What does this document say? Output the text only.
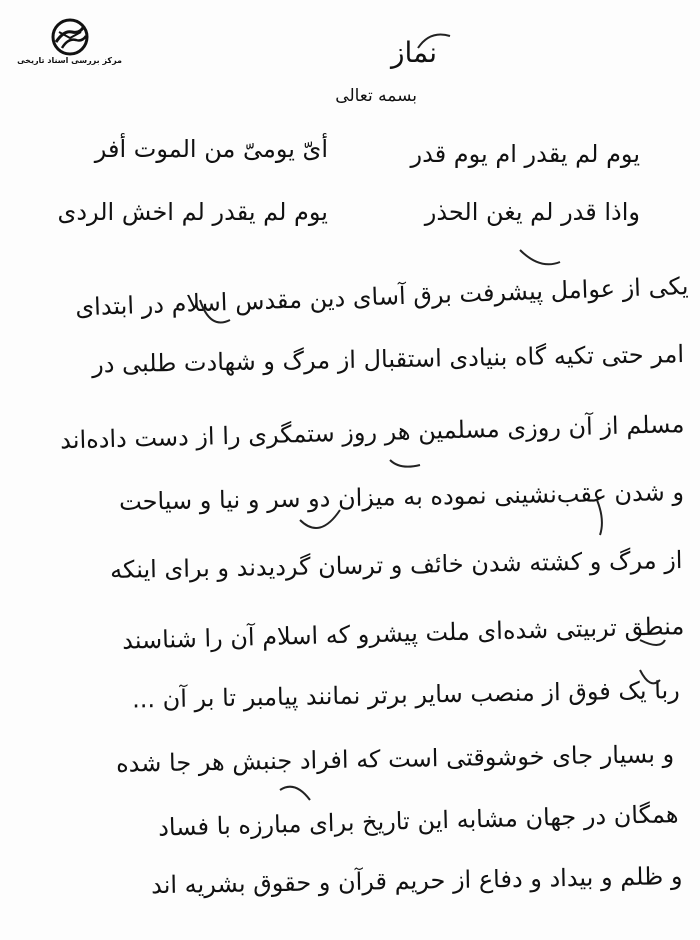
مرکز بررسی اسناد تاریخی	نماز
بسمه تعالی
أیّ یومیّ من الموت أفر	یوم لم یقدر ام یوم قدر
یوم لم یقدر لم اخش الردی	واذا قدر لم یغن الحذر
یکی از عوامل پیشرفت برق آسای دین مقدس اسلام در ابتدای
امر حتی تکیه گاه بنیادی استقبال از مرگ و شهادت طلبی در
مسلم از آن روزی مسلمین هر روز ستمگری را از دست داده‌اند
و شدن عقب‌نشینی نموده به میزان دو سر و نیا و سیاحت
از مرگ و کشته شدن خائف و ترسان گردیدند و برای اینکه
منطق تربیتی شده‌ای ملت پیشرو که اسلام آن را شناسند
ربا یک فوق از منصب سایر برتر نمانند پیامبر تا بر آن ...
و بسیار جای خوشوقتی است که افراد جنبش هر جا شده
همگان در جهان مشابه این تاریخ برای مبارزه با فساد
و ظلم و بیداد و دفاع از حریم قرآن و حقوق بشریه اند
